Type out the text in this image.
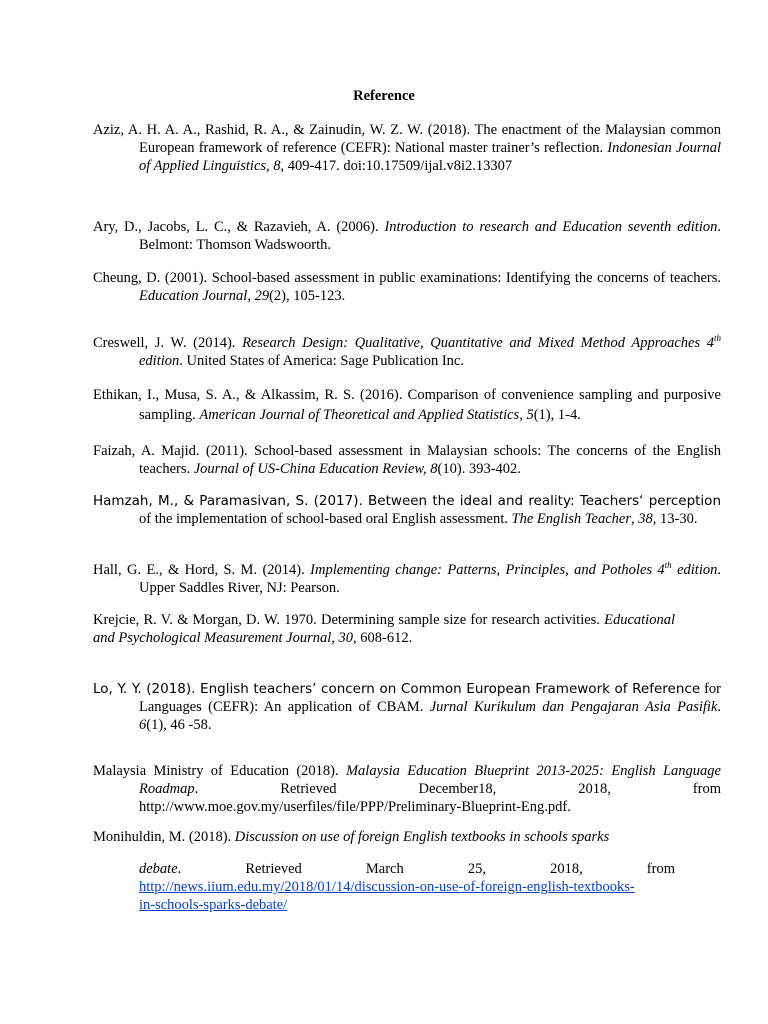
Reference
Aziz, A. H. A. A., Rashid, R. A., & Zainudin, W. Z. W. (2018). The enactment of the Malaysian common European framework of reference (CEFR): National master trainer’s reflection. Indonesian Journal of Applied Linguistics, 8, 409-417. doi:10.17509/ijal.v8i2.13307
Ary, D., Jacobs, L. C., & Razavieh, A. (2006). Introduction to research and Education seventh edition. Belmont: Thomson Wadswoorth.
Cheung, D. (2001). School-based assessment in public examinations: Identifying the concerns of teachers. Education Journal, 29(2), 105-123.
Creswell, J. W. (2014). Research Design: Qualitative, Quantitative and Mixed Method Approaches 4th edition. United States of America: Sage Publication Inc.
Ethikan, I., Musa, S. A., & Alkassim, R. S. (2016). Comparison of convenience sampling and purposive sampling. American Journal of Theoretical and Applied Statistics, 5(1), 1-4.
Faizah, A. Majid. (2011). School-based assessment in Malaysian schools: The concerns of the English teachers. Journal of US-China Education Review, 8(10). 393-402.
Hamzah, M., & Paramasivan, S. (2017). Between the ideal and reality: Teachers‘ perception of the implementation of school-based oral English assessment. The English Teacher, 38, 13-30.
Hall, G. E., & Hord, S. M. (2014). Implementing change: Patterns, Principles, and Potholes 4th edition. Upper Saddles River, NJ: Pearson.
Krejcie, R. V. & Morgan, D. W. 1970. Determining sample size for research activities. Educational and Psychological Measurement Journal, 30, 608-612.
Lo, Y. Y. (2018). English teachers’ concern on Common European Framework of Reference for Languages (CEFR): An application of CBAM. Jurnal Kurikulum dan Pengajaran Asia Pasifik. 6(1), 46 -58.
Malaysia Ministry of Education (2018). Malaysia Education Blueprint 2013-2025: English Language Roadmap. Retrieved December18, 2018, from http://www.moe.gov.my/userfiles/file/PPP/Preliminary-Blueprint-Eng.pdf.
Monihuldin, M. (2018). Discussion on use of foreign English textbooks in schools sparks
debate.	Retrieved	March	25,	2018,	from
http://news.iium.edu.my/2018/01/14/discussion-on-use-of-foreign-english-textbooks-
in-schools-sparks-debate/
